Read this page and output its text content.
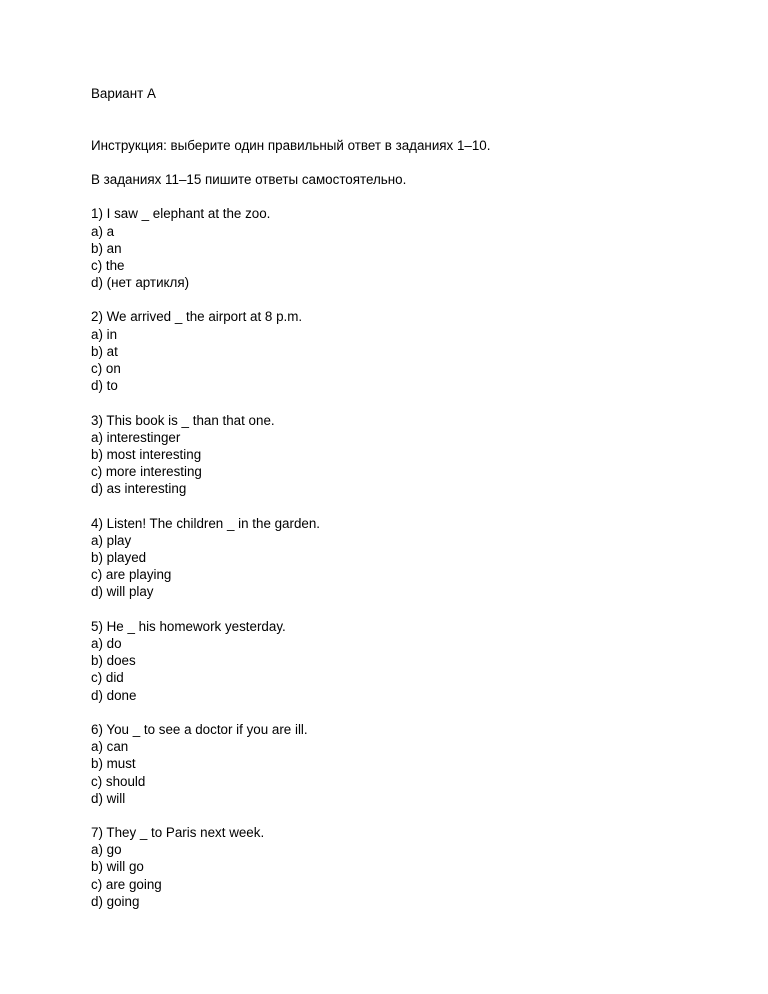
Вариант А
Инструкция: выберите один правильный ответ в заданиях 1–10.
В заданиях 11–15 пишите ответы самостоятельно.
1) I saw _ elephant at the zoo.
a) a
b) an
c) the
d) (нет артикля)
2) We arrived _ the airport at 8 p.m.
a) in
b) at
c) on
d) to
3) This book is _ than that one.
a) interestinger
b) most interesting
c) more interesting
d) as interesting
4) Listen! The children _ in the garden.
a) play
b) played
c) are playing
d) will play
5) He _ his homework yesterday.
a) do
b) does
c) did
d) done
6) You _ to see a doctor if you are ill.
a) can
b) must
c) should
d) will
7) They _ to Paris next week.
a) go
b) will go
c) are going
d) going
